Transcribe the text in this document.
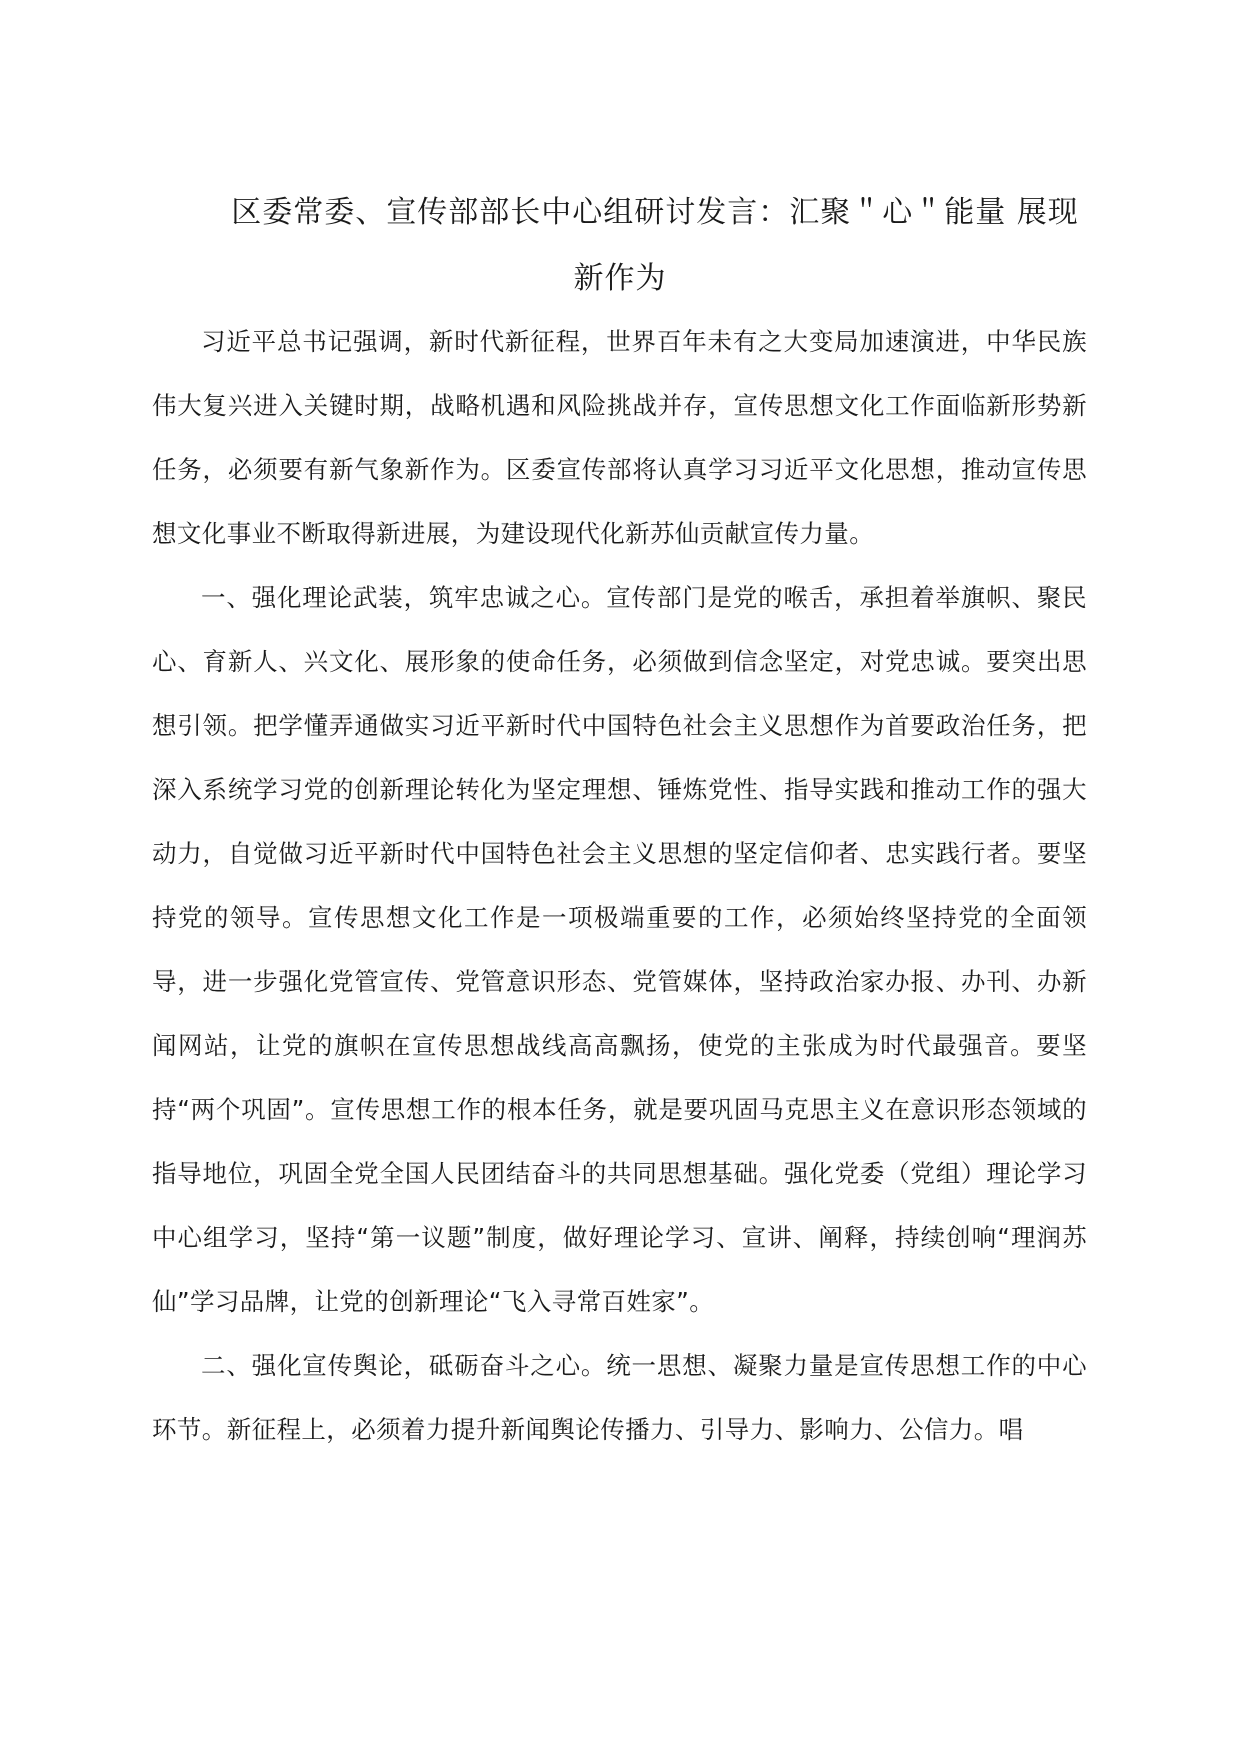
区委常委、宣传部部长中心组研讨发言：汇聚＂心＂能量 展现新作为

习近平总书记强调，新时代新征程，世界百年未有之大变局加速演进，中华民族伟大复兴进入关键时期，战略机遇和风险挑战并存，宣传思想文化工作面临新形势新任务，必须要有新气象新作为。区委宣传部将认真学习习近平文化思想，推动宣传思想文化事业不断取得新进展，为建设现代化新苏仙贡献宣传力量。

一、强化理论武装，筑牢忠诚之心。宣传部门是党的喉舌，承担着举旗帜、聚民心、育新人、兴文化、展形象的使命任务，必须做到信念坚定，对党忠诚。要突出思想引领。把学懂弄通做实习近平新时代中国特色社会主义思想作为首要政治任务，把深入系统学习党的创新理论转化为坚定理想、锤炼党性、指导实践和推动工作的强大动力，自觉做习近平新时代中国特色社会主义思想的坚定信仰者、忠实践行者。要坚持党的领导。宣传思想文化工作是一项极端重要的工作，必须始终坚持党的全面领导，进一步强化党管宣传、党管意识形态、党管媒体，坚持政治家办报、办刊、办新闻网站，让党的旗帜在宣传思想战线高高飘扬，使党的主张成为时代最强音。要坚持“两个巩固”。宣传思想工作的根本任务，就是要巩固马克思主义在意识形态领域的指导地位，巩固全党全国人民团结奋斗的共同思想基础。强化党委（党组）理论学习中心组学习，坚持“第一议题”制度，做好理论学习、宣讲、阐释，持续创响“理润苏仙”学习品牌，让党的创新理论“飞入寻常百姓家”。

二、强化宣传舆论，砥砺奋斗之心。统一思想、凝聚力量是宣传思想工作的中心环节。新征程上，必须着力提升新闻舆论传播力、引导力、影响力、公信力。唱
